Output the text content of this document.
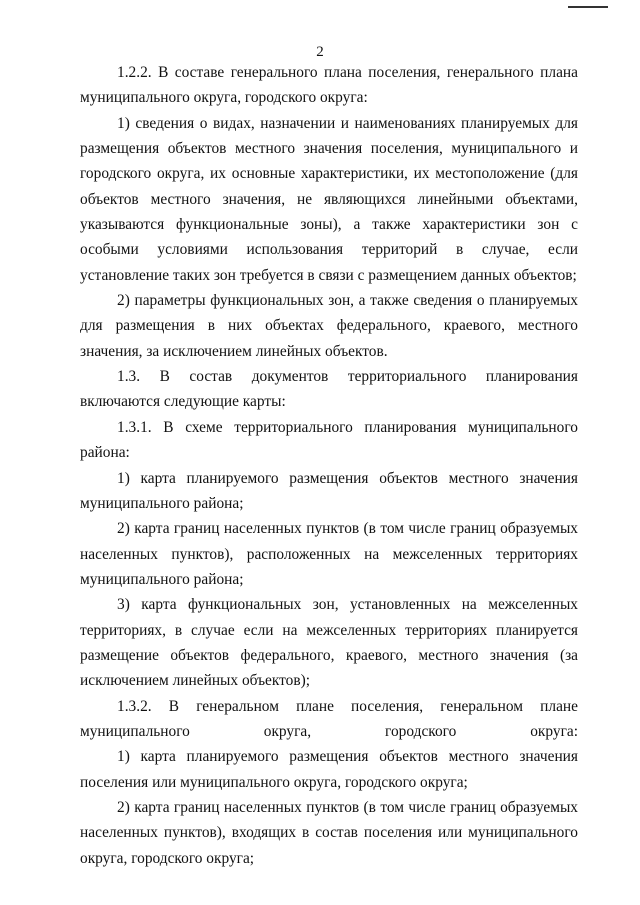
2

1.2.2. В составе генерального плана поселения, генерального плана муниципального округа, городского округа:

1) сведения о видах, назначении и наименованиях планируемых для размещения объектов местного значения поселения, муниципального и городского округа, их основные характеристики, их местоположение (для объектов местного значения, не являющихся линейными объектами, указываются функциональные зоны), а также характеристики зон с особыми условиями использования территорий в случае, если установление таких зон требуется в связи с размещением данных объектов;

2) параметры функциональных зон, а также сведения о планируемых для размещения в них объектах федерального, краевого, местного значения, за исключением линейных объектов.

1.3. В состав документов территориального планирования включаются следующие карты:

1.3.1. В схеме территориального планирования муниципального района:

1) карта планируемого размещения объектов местного значения муниципального района;

2) карта границ населенных пунктов (в том числе границ образуемых населенных пунктов), расположенных на межселенных территориях муниципального района;

3) карта функциональных зон, установленных на межселенных территориях, в случае если на межселенных территориях планируется размещение объектов федерального, краевого, местного значения (за исключением линейных объектов);

1.3.2. В генеральном плане поселения, генеральном плане муниципального округа, городского округа:

1) карта планируемого размещения объектов местного значения поселения или муниципального округа, городского округа;

2) карта границ населенных пунктов (в том числе границ образуемых населенных пунктов), входящих в состав поселения или муниципального округа, городского округа;
